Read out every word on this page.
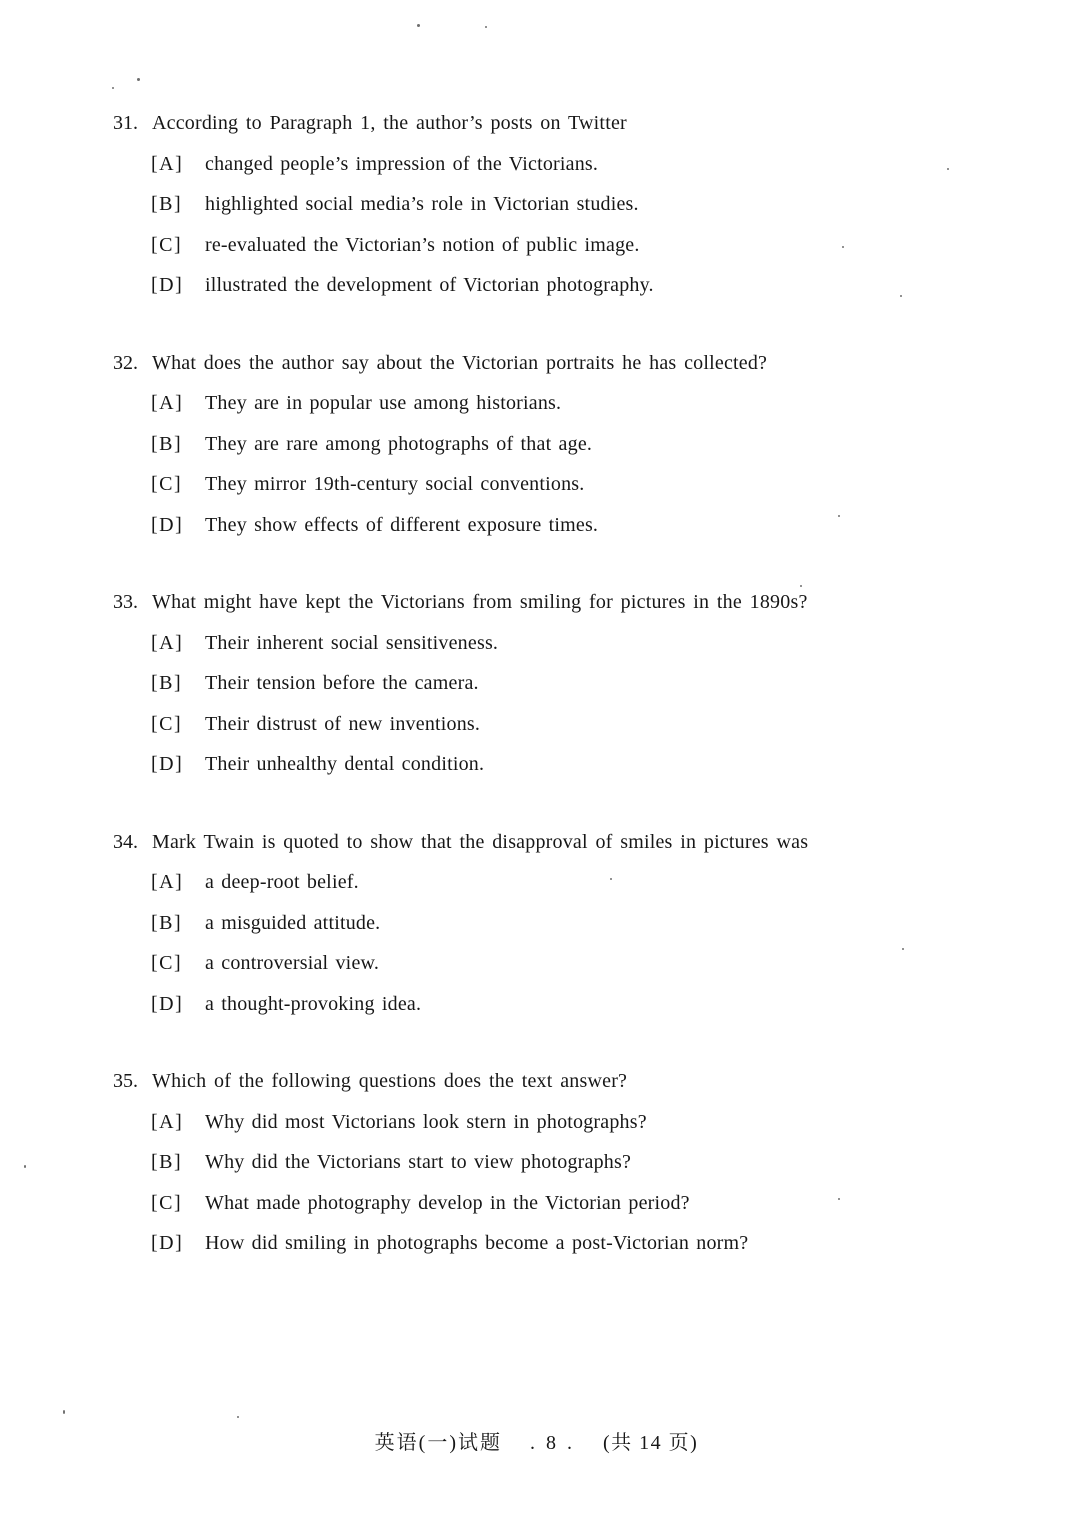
31. According to Paragraph 1, the author’s posts on Twitter
[A]	changed people’s impression of the Victorians.
[B]	highlighted social media’s role in Victorian studies.
[C]	re-evaluated the Victorian’s notion of public image.
[D]	illustrated the development of Victorian photography.
32. What does the author say about the Victorian portraits he has collected?
[A]	They are in popular use among historians.
[B]	They are rare among photographs of that age.
[C]	They mirror 19th-century social conventions.
[D]	They show effects of different exposure times.
33. What might have kept the Victorians from smiling for pictures in the 1890s?
[A]	Their inherent social sensitiveness.
[B]	Their tension before the camera.
[C]	Their distrust of new inventions.
[D]	Their unhealthy dental condition.
34. Mark Twain is quoted to show that the disapproval of smiles in pictures was
[A]	a deep-root belief.
[B]	a misguided attitude.
[C]	a controversial view.
[D]	a thought-provoking idea.
35. Which of the following questions does the text answer?
[A]	Why did most Victorians look stern in photographs?
[B]	Why did the Victorians start to view photographs?
[C]	What made photography develop in the Victorian period?
[D]	How did smiling in photographs become a post-Victorian norm?
英语(一)试题 . 8 . (共 14 页)
